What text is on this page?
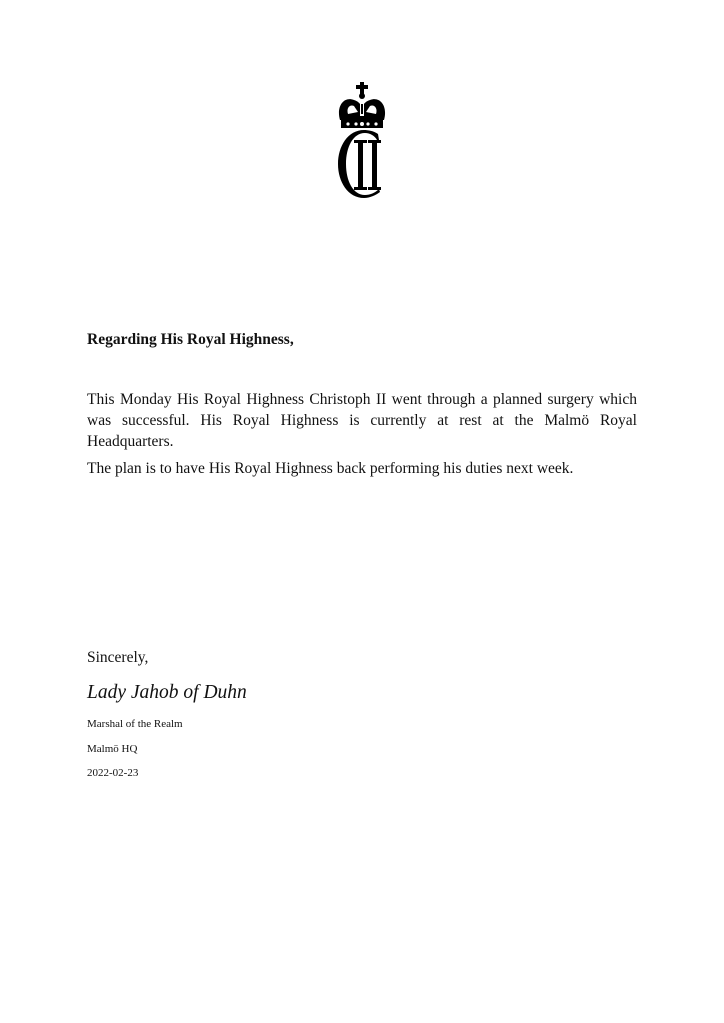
Regarding His Royal Highness,

This Monday His Royal Highness Christoph II went through a planned surgery which was successful. His Royal Highness is currently at rest at the Malmö Royal Headquarters.

The plan is to have His Royal Highness back performing his duties next week.

Sincerely,

Lady Jahob of Duhn

Marshal of the Realm

Malmö HQ

2022-02-23
